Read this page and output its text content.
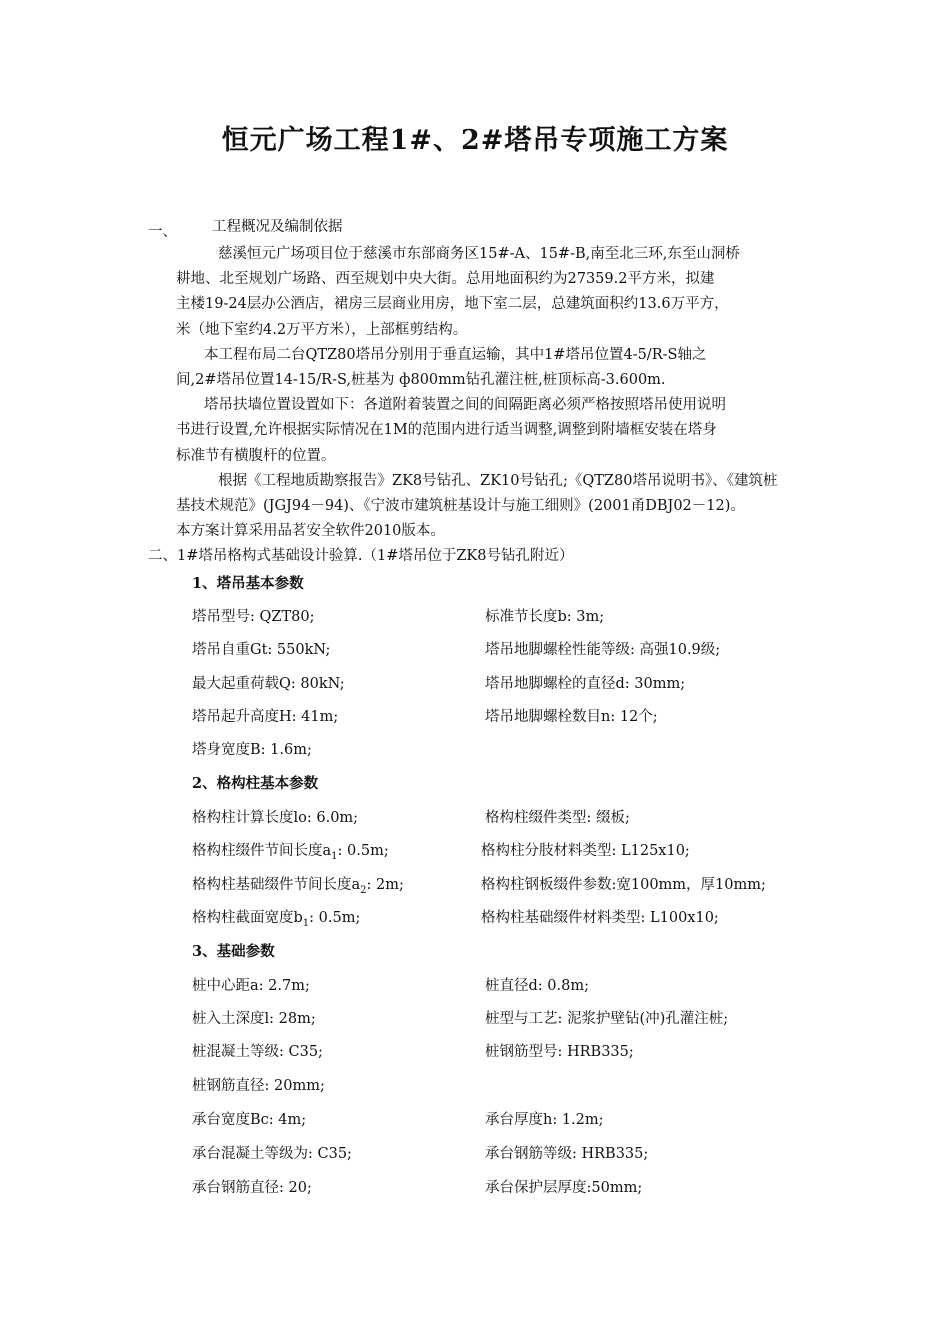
恒元广场工程1#、2#塔吊专项施工方案
一、 工程概况及编制依据
慈溪恒元广场项目位于慈溪市东部商务区15#-A、15#-B,南至北三环,东至山洞桥
耕地、北至规划广场路、西至规划中央大街。总用地面积约为27359.2平方米，拟建
主楼19-24层办公酒店，裙房三层商业用房，地下室二层，总建筑面积约13.6万平方，
米（地下室约4.2万平方米），上部框剪结构。
本工程布局二台QTZ80塔吊分别用于垂直运输，其中1#塔吊位置4-5/R-S轴之
间,2#塔吊位置14-15/R-S,桩基为 ф800mm钻孔灌注桩,桩顶标高-3.600m.
塔吊扶墙位置设置如下：各道附着装置之间的间隔距离必须严格按照塔吊使用说明
书进行设置,允许根据实际情况在1M的范围内进行适当调整,调整到附墙框安装在塔身
标准节有横腹杆的位置。
根据《工程地质勘察报告》ZK8号钻孔、ZK10号钻孔;《QTZ80塔吊说明书》、《建筑桩
基技术规范》(JGJ94－94)、《宁波市建筑桩基设计与施工细则》(2001甬DBJ02－12)。
本方案计算采用品茗安全软件2010版本。
二、1#塔吊格构式基础设计验算.（1#塔吊位于ZK8号钻孔附近）
1、塔吊基本参数
塔吊型号: QZT80;	标准节长度b: 3m;
塔吊自重Gt: 550kN;	塔吊地脚螺栓性能等级: 高强10.9级;
最大起重荷载Q: 80kN;	塔吊地脚螺栓的直径d: 30mm;
塔吊起升高度H: 41m;	塔吊地脚螺栓数目n: 12个;
塔身宽度B: 1.6m;
2、格构柱基本参数
格构柱计算长度lo: 6.0m;	格构柱缀件类型: 缀板;
格构柱缀件节间长度$a_1$: 0.5m;	格构柱分肢材料类型: L125x10;
格构柱基础缀件节间长度$a_2$: 2m;	格构柱钢板缀件参数:宽100mm，厚10mm;
格构柱截面宽度$b_1$: 0.5m;	格构柱基础缀件材料类型: L100x10;
3、基础参数
桩中心距a: 2.7m;	桩直径d: 0.8m;
桩入土深度l: 28m;	桩型与工艺: 泥浆护壁钻(冲)孔灌注桩;
桩混凝土等级: C35;	桩钢筋型号: HRB335;
桩钢筋直径: 20mm;
承台宽度Bc: 4m;	承台厚度h: 1.2m;
承台混凝土等级为: C35;	承台钢筋等级: HRB335;
承台钢筋直径: 20;	承台保护层厚度:50mm;
